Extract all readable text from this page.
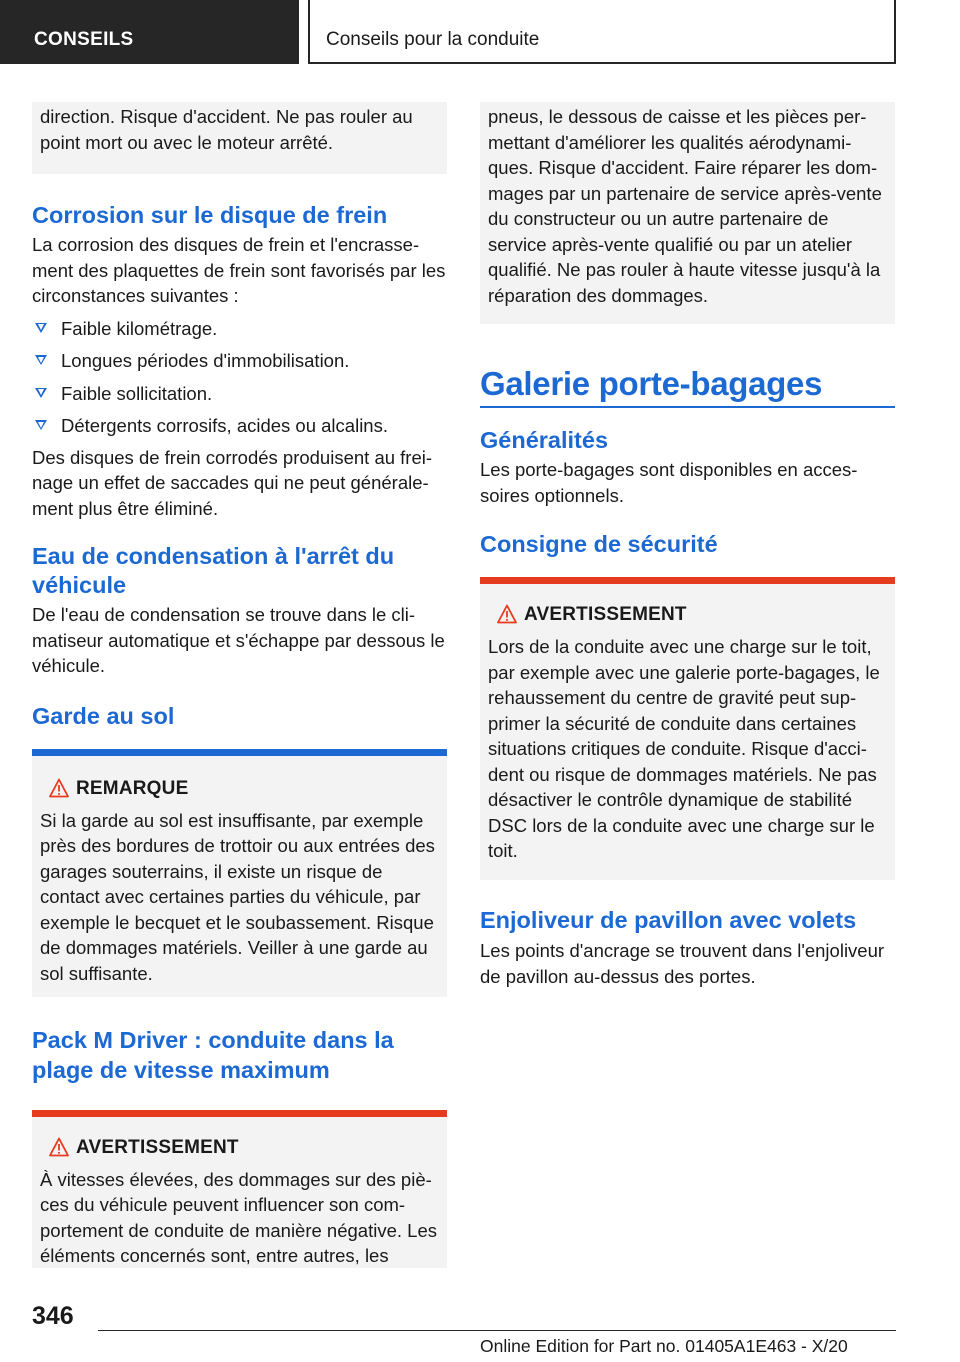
CONSEILS	Conseils pour la conduite

direction. Risque d'accident. Ne pas rouler au point mort ou avec le moteur arrêté.

Corrosion sur le disque de frein

La corrosion des disques de frein et l'encrassement des plaquettes de frein sont favorisés par les circonstances suivantes :

Faible kilométrage.
Longues périodes d'immobilisation.
Faible sollicitation.
Détergents corrosifs, acides ou alcalins.

Des disques de frein corrodés produisent au freinage un effet de saccades qui ne peut généralement plus être éliminé.

Eau de condensation à l'arrêt du véhicule

De l'eau de condensation se trouve dans le climatiseur automatique et s'échappe par dessous le véhicule.

Garde au sol
REMARQUE

Si la garde au sol est insuffisante, par exemple près des bordures de trottoir ou aux entrées des garages souterrains, il existe un risque de contact avec certaines parties du véhicule, par exemple le becquet et le soubassement. Risque de dommages matériels. Veiller à une garde au sol suffisante.

Pack M Driver : conduite dans la plage de vitesse maximum
AVERTISSEMENT

À vitesses élevées, des dommages sur des pièces du véhicule peuvent influencer son comportement de conduite de manière négative. Les éléments concernés sont, entre autres, les

pneus, le dessous de caisse et les pièces permettant d'améliorer les qualités aérodynamiques. Risque d'accident. Faire réparer les dommages par un partenaire de service après-vente du constructeur ou un autre partenaire de service après-vente qualifié ou par un atelier qualifié. Ne pas rouler à haute vitesse jusqu'à la réparation des dommages.

Galerie porte-bagages
Généralités

Les porte-bagages sont disponibles en accessoires optionnels.

Consigne de sécurité
AVERTISSEMENT

Lors de la conduite avec une charge sur le toit, par exemple avec une galerie porte-bagages, le rehaussement du centre de gravité peut supprimer la sécurité de conduite dans certaines situations critiques de conduite. Risque d'accident ou risque de dommages matériels. Ne pas désactiver le contrôle dynamique de stabilité DSC lors de la conduite avec une charge sur le toit.

Enjoliveur de pavillon avec volets

Les points d'ancrage se trouvent dans l'enjoliveur de pavillon au-dessus des portes.

346
Online Edition for Part no. 01405A1E463 - X/20
